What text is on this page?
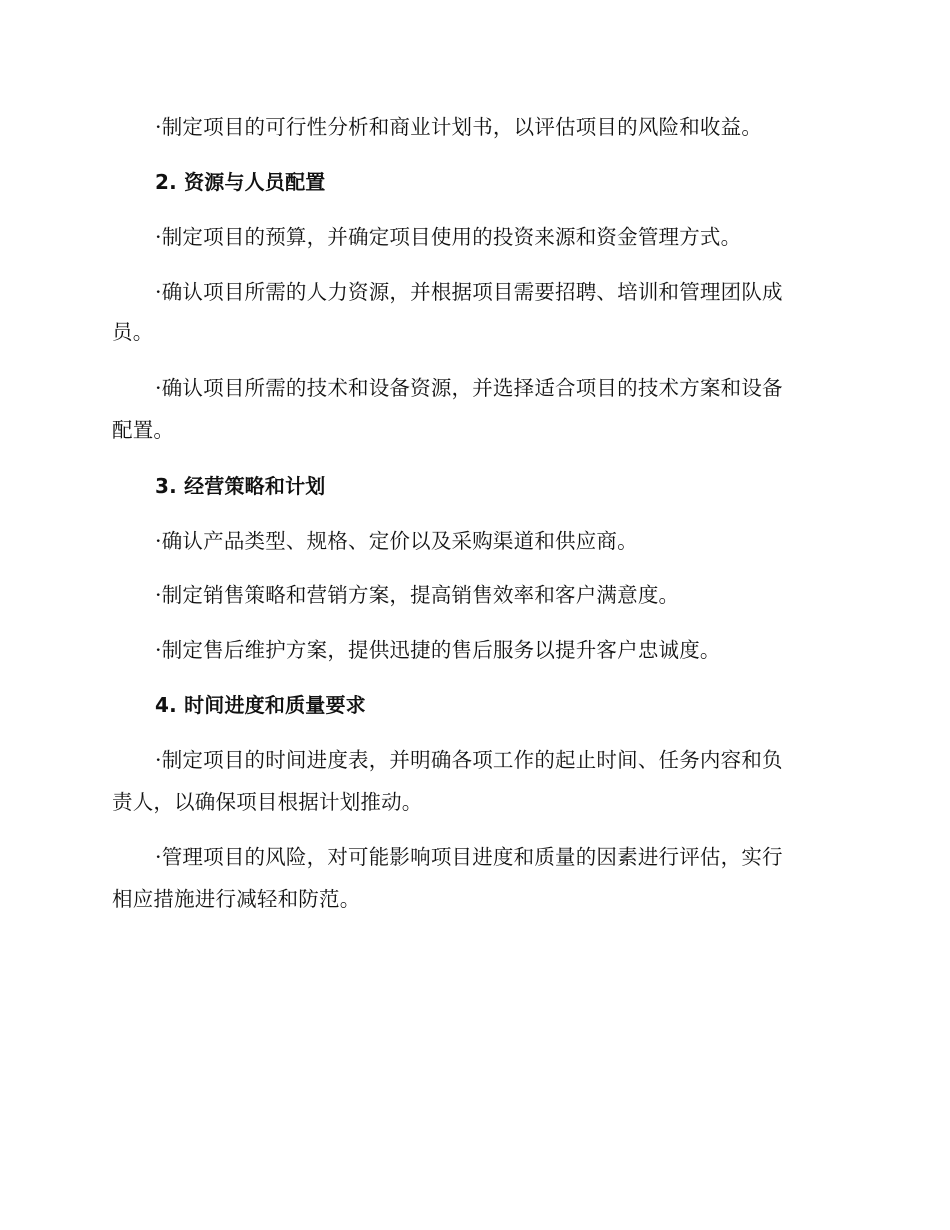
·制定项目的可行性分析和商业计划书，以评估项目的风险和收益。
2. 资源与人员配置
·制定项目的预算，并确定项目使用的投资来源和资金管理方式。
·确认项目所需的人力资源，并根据项目需要招聘、培训和管理团队成
员。
·确认项目所需的技术和设备资源，并选择适合项目的技术方案和设备
配置。
3. 经营策略和计划
·确认产品类型、规格、定价以及采购渠道和供应商。
·制定销售策略和营销方案，提高销售效率和客户满意度。
·制定售后维护方案，提供迅捷的售后服务以提升客户忠诚度。
4. 时间进度和质量要求
·制定项目的时间进度表，并明确各项工作的起止时间、任务内容和负
责人，以确保项目根据计划推动。
·管理项目的风险，对可能影响项目进度和质量的因素进行评估，实行
相应措施进行减轻和防范。
